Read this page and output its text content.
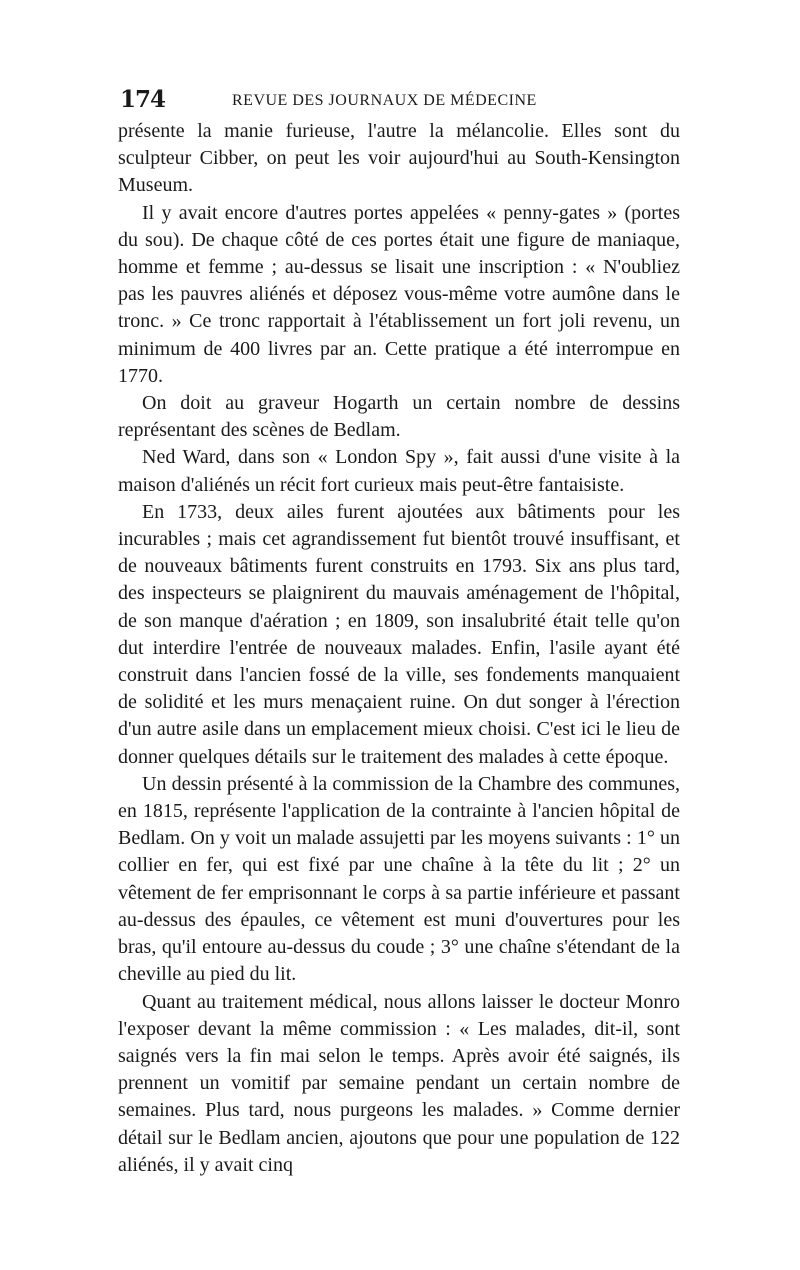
174	REVUE DES JOURNAUX DE MÉDECINE

présente la manie furieuse, l'autre la mélancolie. Elles sont du sculpteur Cibber, on peut les voir aujourd'hui au South-Kensington Museum.

Il y avait encore d'autres portes appelées « penny-gates » (portes du sou). De chaque côté de ces portes était une figure de maniaque, homme et femme ; au-dessus se lisait une inscription : « N'oubliez pas les pauvres aliénés et déposez vous-même votre aumône dans le tronc. » Ce tronc rapportait à l'établissement un fort joli revenu, un minimum de 400 livres par an. Cette pratique a été interrompue en 1770.

On doit au graveur Hogarth un certain nombre de dessins représentant des scènes de Bedlam.

Ned Ward, dans son « London Spy », fait aussi d'une visite à la maison d'aliénés un récit fort curieux mais peut-être fantaisiste.

En 1733, deux ailes furent ajoutées aux bâtiments pour les incurables ; mais cet agrandissement fut bientôt trouvé insuffisant, et de nouveaux bâtiments furent construits en 1793. Six ans plus tard, des inspecteurs se plaignirent du mauvais aménagement de l'hôpital, de son manque d'aération ; en 1809, son insalubrité était telle qu'on dut interdire l'entrée de nouveaux malades. Enfin, l'asile ayant été construit dans l'ancien fossé de la ville, ses fondements manquaient de solidité et les murs menaçaient ruine. On dut songer à l'érection d'un autre asile dans un emplacement mieux choisi. C'est ici le lieu de donner quelques détails sur le traitement des malades à cette époque.

Un dessin présenté à la commission de la Chambre des communes, en 1815, représente l'application de la contrainte à l'ancien hôpital de Bedlam. On y voit un malade assujetti par les moyens suivants : 1° un collier en fer, qui est fixé par une chaîne à la tête du lit ; 2° un vêtement de fer emprisonnant le corps à sa partie inférieure et passant au-dessus des épaules, ce vêtement est muni d'ouvertures pour les bras, qu'il entoure au-dessus du coude ; 3° une chaîne s'étendant de la cheville au pied du lit.

Quant au traitement médical, nous allons laisser le docteur Monro l'exposer devant la même commission : « Les malades, dit-il, sont saignés vers la fin mai selon le temps. Après avoir été saignés, ils prennent un vomitif par semaine pendant un certain nombre de semaines. Plus tard, nous purgeons les malades. » Comme dernier détail sur le Bedlam ancien, ajoutons que pour une population de 122 aliénés, il y avait cinq
